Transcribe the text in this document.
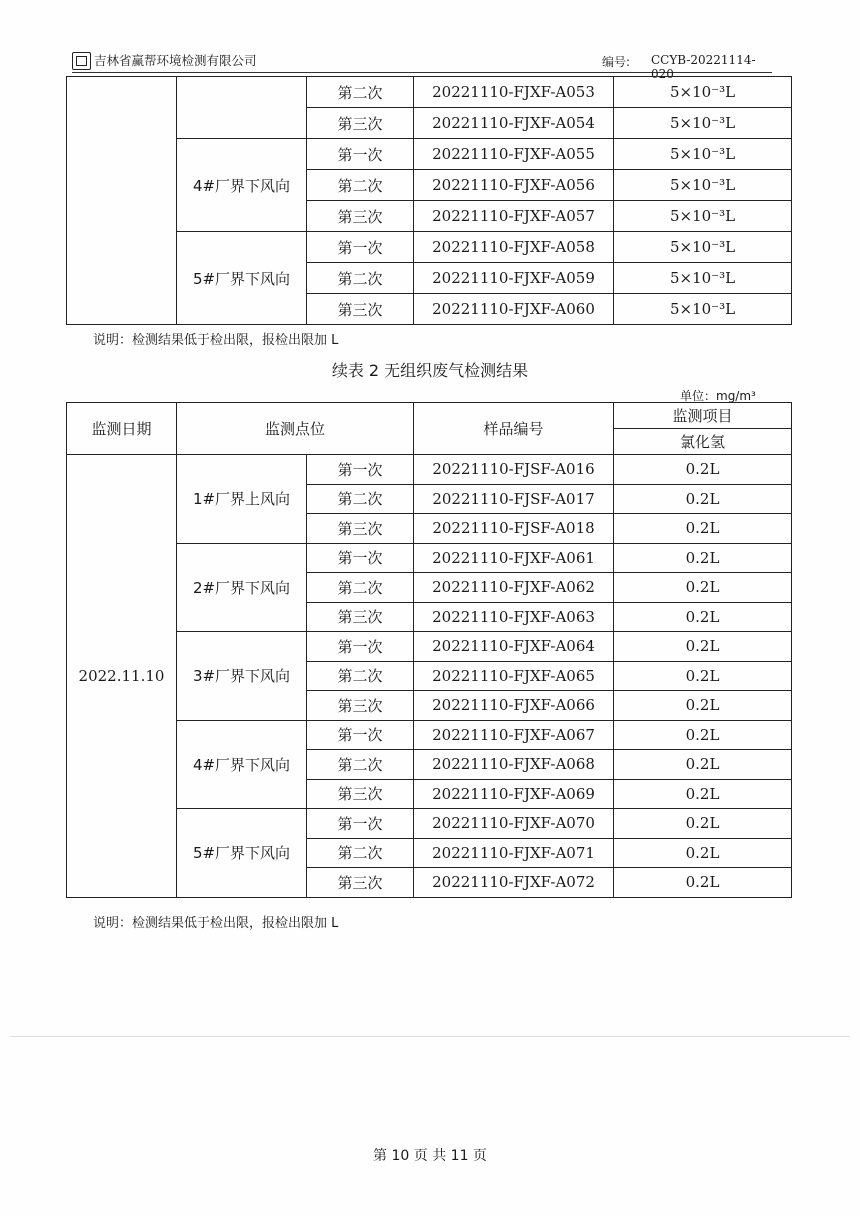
吉林省赢帮环境检测有限公司	编号: CCYB-20221114-020
		第二次	20221110-FJXF-A053	5×10⁻³L
		第三次	20221110-FJXF-A054	5×10⁻³L
	4#厂界下风向	第一次	20221110-FJXF-A055	5×10⁻³L
		第二次	20221110-FJXF-A056	5×10⁻³L
		第三次	20221110-FJXF-A057	5×10⁻³L
	5#厂界下风向	第一次	20221110-FJXF-A058	5×10⁻³L
		第二次	20221110-FJXF-A059	5×10⁻³L
		第三次	20221110-FJXF-A060	5×10⁻³L
说明：检测结果低于检出限，报检出限加 L
续表 2 无组织废气检测结果
单位：mg/m³
监测日期	监测点位		样品编号	监测项目
				氯化氢
2022.11.10	1#厂界上风向	第一次	20221110-FJSF-A016	0.2L
		第二次	20221110-FJSF-A017	0.2L
		第三次	20221110-FJSF-A018	0.2L
	2#厂界下风向	第一次	20221110-FJXF-A061	0.2L
		第二次	20221110-FJXF-A062	0.2L
		第三次	20221110-FJXF-A063	0.2L
	3#厂界下风向	第一次	20221110-FJXF-A064	0.2L
		第二次	20221110-FJXF-A065	0.2L
		第三次	20221110-FJXF-A066	0.2L
	4#厂界下风向	第一次	20221110-FJXF-A067	0.2L
		第二次	20221110-FJXF-A068	0.2L
		第三次	20221110-FJXF-A069	0.2L
	5#厂界下风向	第一次	20221110-FJXF-A070	0.2L
		第二次	20221110-FJXF-A071	0.2L
		第三次	20221110-FJXF-A072	0.2L
说明：检测结果低于检出限，报检出限加 L
第 10 页 共 11 页
